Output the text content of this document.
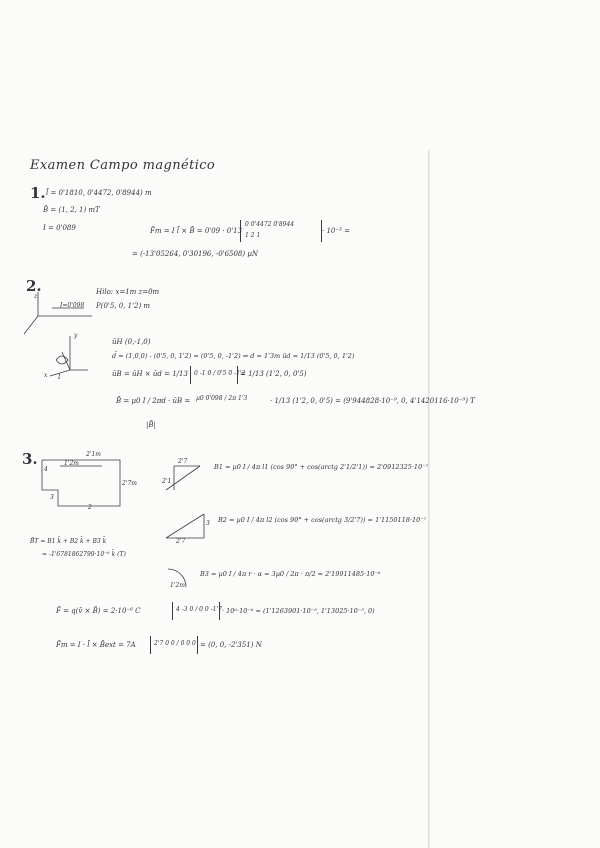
Examen Campo magnético
1. l̄ = 0'1810, 0'4472, 0'8944) m
B̄ = (1, 2, 1) mT
I = 0'089	F̄m = I l̄ × B̄ = 0'09 · 0'13
0 0'4472 0'8944
1 2 1
· 10⁻³ =
= (-13'05264, 0'30196, -0'6508) µN
2.
z
I=0'098
Hilo: x=1m z=0m
P(0'5, 0, 1'2) m
y
x I
ūH (0,-1,0)
d̄ = (1,0,0) - (0'5, 0, 1'2) = (0'5, 0, -1'2) ⇒ d = 1'3m ūd = 1/13 (0'5, 0, 1'2)
ūB = ūH × ūd = 1/13 0 -1 0 / 0'5 0 -1'2
= 1/13 (1'2, 0, 0'5)
B̄ = µ0 I / 2πd · ūB = µ0 0'098 / 2π 1'3	· 1/13 (1'2, 0, 0'5) = (9'944828·10⁻⁹, 0, 4'1420116·10⁻⁹) T
|B̄|
3.	2'1m
1'2m
2'7m
4
2
3
2'7
2'1
B1 = µ0 I / 4π l1 (cos 90° + cos(arctg 2'1/2'1)) = 2'0912325·10⁻⁷
2'7
3 B2 = µ0 I / 4π l2 (cos 90° + cos(arctg 3/2'7)) = 1'1150118·10⁻⁷
B̄T = B1 k̄ + B2 k̄ + B3 k̄
= -1'6781862799·10⁻⁶ k̄ (T)
1'2m
B3 = µ0 I / 4π r · α = 3µ0 / 2π · π/2 = 2'19911485·10⁻⁶
F̄ = q(v̄ × B̄) = 2·10⁻⁶ C	4 -3 0 / 0 0 -1'7 · 10⁶·10⁻⁶ = (1'1263901·10⁻⁵, 1'13025·10⁻⁵, 0)
F̄m = I · l̄ × B̄ext = 7A	2'7 0 0 / 0 0 0 = (0, 0, -2'351) N
